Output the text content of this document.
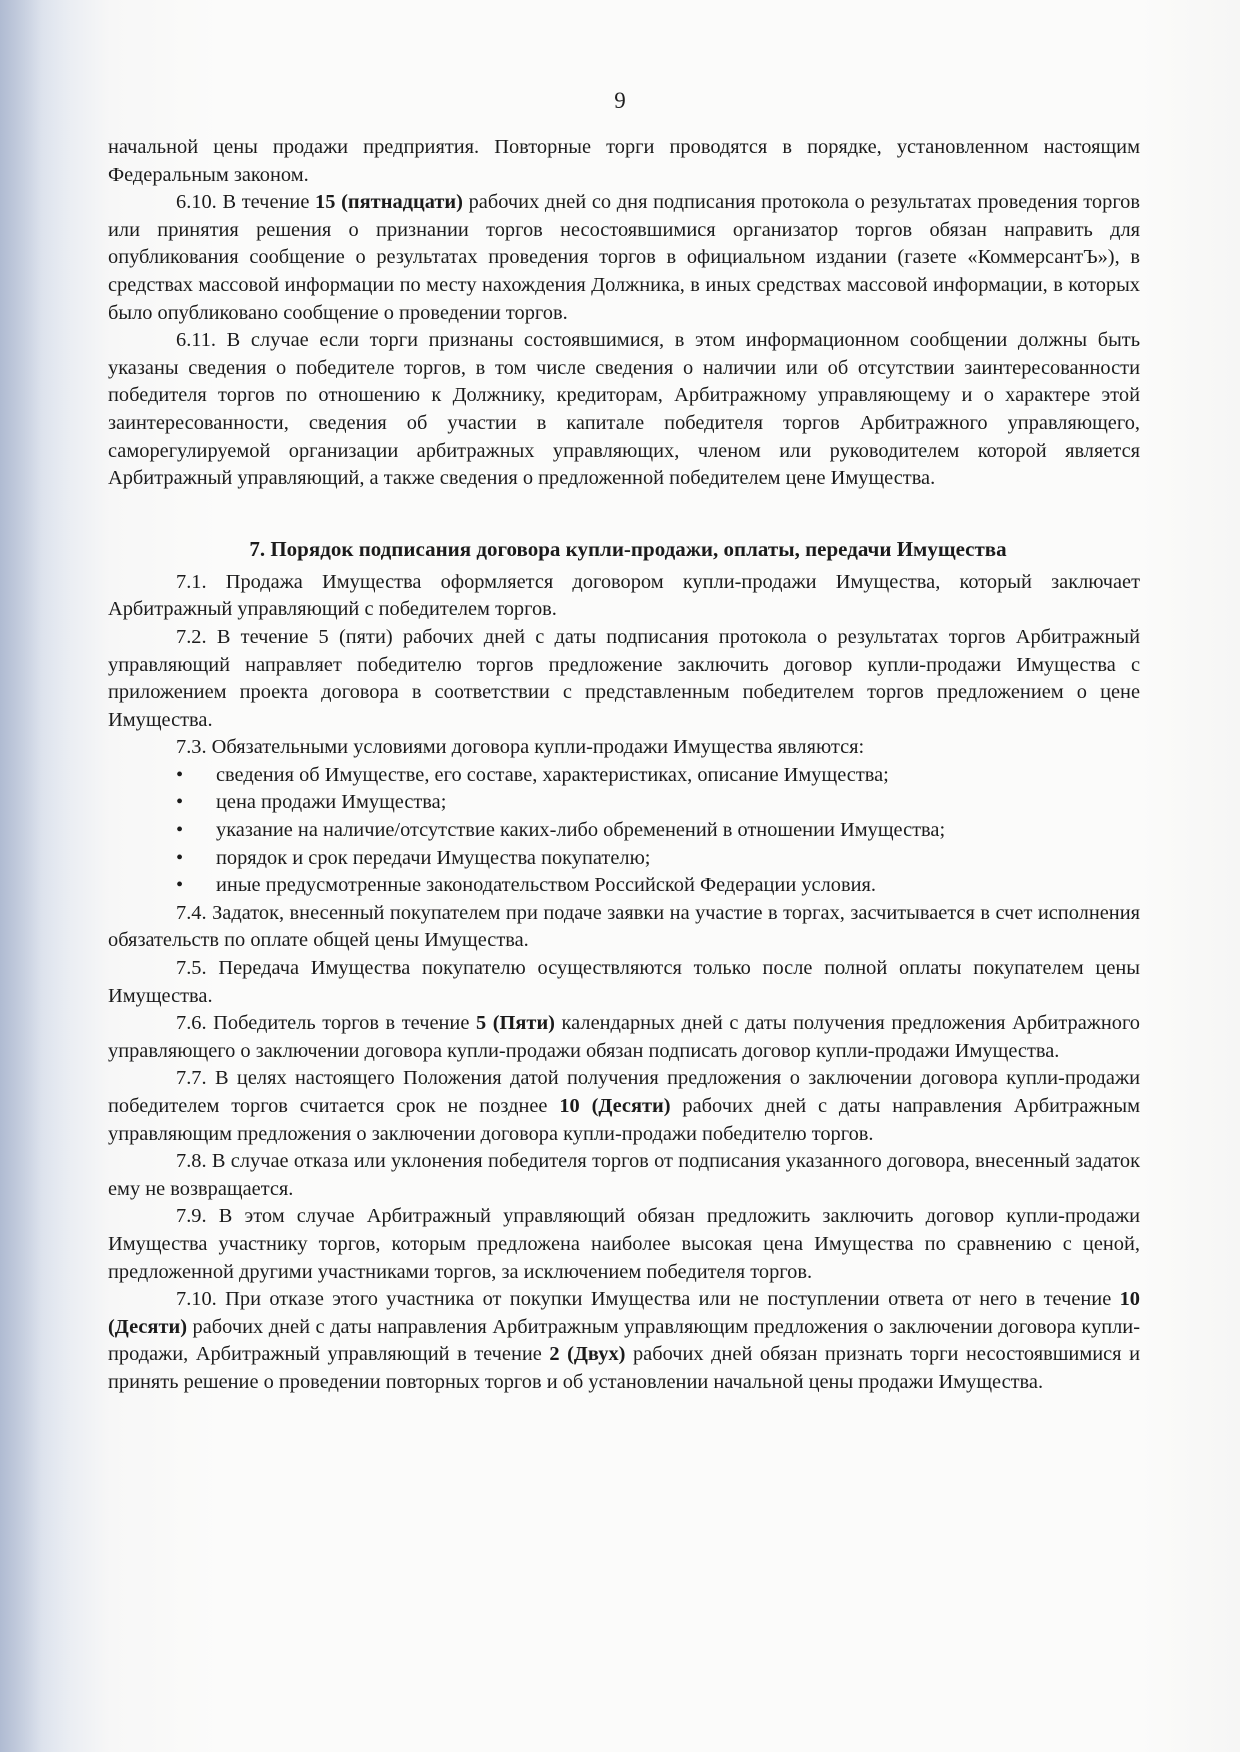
9

начальной цены продажи предприятия. Повторные торги проводятся в порядке, установленном настоящим Федеральным законом.

6.10. В течение 15 (пятнадцати) рабочих дней со дня подписания протокола о результатах проведения торгов или принятия решения о признании торгов несостоявшимися организатор торгов обязан направить для опубликования сообщение о результатах проведения торгов в официальном издании (газете «КоммерсантЪ»), в средствах массовой информации по месту нахождения Должника, в иных средствах массовой информации, в которых было опубликовано сообщение о проведении торгов.

6.11. В случае если торги признаны состоявшимися, в этом информационном сообщении должны быть указаны сведения о победителе торгов, в том числе сведения о наличии или об отсутствии заинтересованности победителя торгов по отношению к Должнику, кредиторам, Арбитражному управляющему и о характере этой заинтересованности, сведения об участии в капитале победителя торгов Арбитражного управляющего, саморегулируемой организации арбитражных управляющих, членом или руководителем которой является Арбитражный управляющий, а также сведения о предложенной победителем цене Имущества.

7. Порядок подписания договора купли-продажи, оплаты, передачи Имущества

7.1. Продажа Имущества оформляется договором купли-продажи Имущества, который заключает Арбитражный управляющий с победителем торгов.

7.2. В течение 5 (пяти) рабочих дней с даты подписания протокола о результатах торгов Арбитражный управляющий направляет победителю торгов предложение заключить договор купли-продажи Имущества с приложением проекта договора в соответствии с представленным победителем торгов предложением о цене Имущества.

7.3. Обязательными условиями договора купли-продажи Имущества являются:

• сведения об Имуществе, его составе, характеристиках, описание Имущества;
• цена продажи Имущества;
• указание на наличие/отсутствие каких-либо обременений в отношении Имущества;
• порядок и срок передачи Имущества покупателю;
• иные предусмотренные законодательством Российской Федерации условия.

7.4. Задаток, внесенный покупателем при подаче заявки на участие в торгах, засчитывается в счет исполнения обязательств по оплате общей цены Имущества.

7.5. Передача Имущества покупателю осуществляются только после полной оплаты покупателем цены Имущества.

7.6. Победитель торгов в течение 5 (Пяти) календарных дней с даты получения предложения Арбитражного управляющего о заключении договора купли-продажи обязан подписать договор купли-продажи Имущества.

7.7. В целях настоящего Положения датой получения предложения о заключении договора купли-продажи победителем торгов считается срок не позднее 10 (Десяти) рабочих дней с даты направления Арбитражным управляющим предложения о заключении договора купли-продажи победителю торгов.

7.8. В случае отказа или уклонения победителя торгов от подписания указанного договора, внесенный задаток ему не возвращается.

7.9. В этом случае Арбитражный управляющий обязан предложить заключить договор купли-продажи Имущества участнику торгов, которым предложена наиболее высокая цена Имущества по сравнению с ценой, предложенной другими участниками торгов, за исключением победителя торгов.

7.10. При отказе этого участника от покупки Имущества или не поступлении ответа от него в течение 10 (Десяти) рабочих дней с даты направления Арбитражным управляющим предложения о заключении договора купли-продажи, Арбитражный управляющий в течение 2 (Двух) рабочих дней обязан признать торги несостоявшимися и принять решение о проведении повторных торгов и об установлении начальной цены продажи Имущества.
